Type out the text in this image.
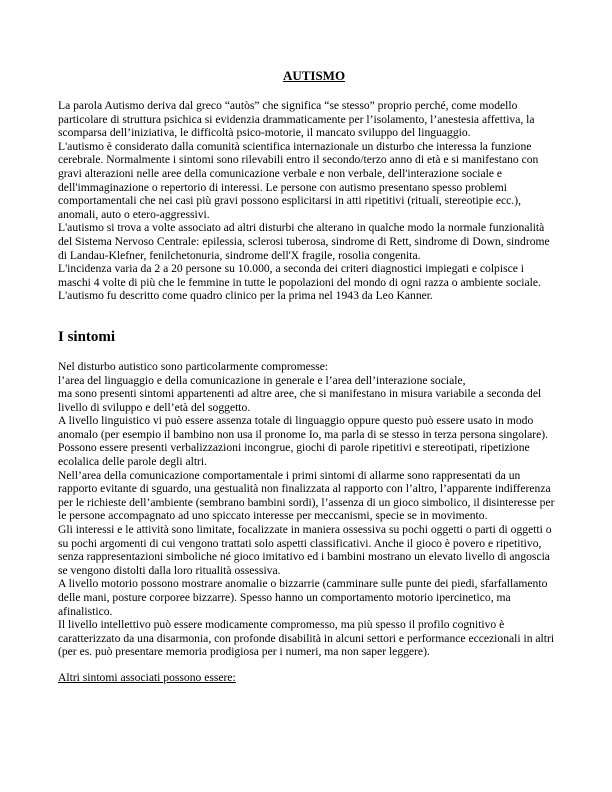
AUTISMO

La parola Autismo deriva dal greco “autòs” che significa “se stesso” proprio perché, come modello particolare di struttura psichica si evidenzia drammaticamente per l’isolamento, l’anestesia affettiva, la scomparsa dell’iniziativa, le difficoltà psico-motorie, il mancato sviluppo del linguaggio.

L'autismo è considerato dalla comunità scientifica internazionale un disturbo che interessa la funzione cerebrale. Normalmente i sintomi sono rilevabili entro il secondo/terzo anno di età e si manifestano con gravi alterazioni nelle aree della comunicazione verbale e non verbale, dell'interazione sociale e dell'immaginazione o repertorio di interessi. Le persone con autismo presentano spesso problemi comportamentali che nei casi più gravi possono esplicitarsi in atti ripetitivi (rituali, stereotipie ecc.), anomali, auto o etero-aggressivi.

L'autismo si trova a volte associato ad altri disturbi che alterano in qualche modo la normale funzionalità del Sistema Nervoso Centrale: epilessia, sclerosi tuberosa, sindrome di Rett, sindrome di Down, sindrome di Landau-Klefner, fenilchetonuria, sindrome dell'X fragile, rosolia congenita.

L'incidenza varia da 2 a 20 persone su 10.000, a seconda dei criteri diagnostici impiegati e colpisce i maschi 4 volte di più che le femmine in tutte le popolazioni del mondo di ogni razza o ambiente sociale.

L'autismo fu descritto come quadro clinico per la prima nel 1943 da Leo Kanner.

I sintomi

Nel disturbo autistico sono particolarmente compromesse:

l’area del linguaggio e della comunicazione in generale e l’area dell’interazione sociale,

ma sono presenti sintomi appartenenti ad altre aree, che si manifestano in misura variabile a seconda del livello di sviluppo e dell’età del soggetto.

A livello linguistico vi può essere assenza totale di linguaggio oppure questo può essere usato in modo anomalo (per esempio il bambino non usa il pronome Io, ma parla di se stesso in terza persona singolare). Possono essere presenti verbalizzazioni incongrue, giochi di parole ripetitivi e stereotipati, ripetizione ecolalica delle parole degli altri.

Nell’area della comunicazione comportamentale i primi sintomi di allarme sono rappresentati da un rapporto evitante di sguardo, una gestualità non finalizzata al rapporto con l’altro, l’apparente indifferenza per le richieste dell’ambiente (sembrano bambini sordi), l’assenza di un gioco simbolico, il disinteresse per le persone accompagnato ad uno spiccato interesse per meccanismi, specie se in movimento.

Gli interessi e le attività sono limitate, focalizzate in maniera ossessiva su pochi oggetti o parti di oggetti o su pochi argomenti di cui vengono trattati solo aspetti classificativi. Anche il gioco è povero e ripetitivo, senza rappresentazioni simboliche né gioco imitativo ed i bambini mostrano un elevato livello di angoscia se vengono distolti dalla loro ritualità ossessiva.

A livello motorio possono mostrare anomalie o bizzarrie (camminare sulle punte dei piedi, sfarfallamento delle mani, posture corporee bizzarre). Spesso hanno un comportamento motorio ipercinetico, ma afinalistico.

Il livello intellettivo può essere modicamente compromesso, ma più spesso il profilo cognitivo è caratterizzato da una disarmonia, con profonde disabilità in alcuni settori e performance eccezionali in altri (per es. può presentare memoria prodigiosa per i numeri, ma non saper leggere).

Altri sintomi associati possono essere:
